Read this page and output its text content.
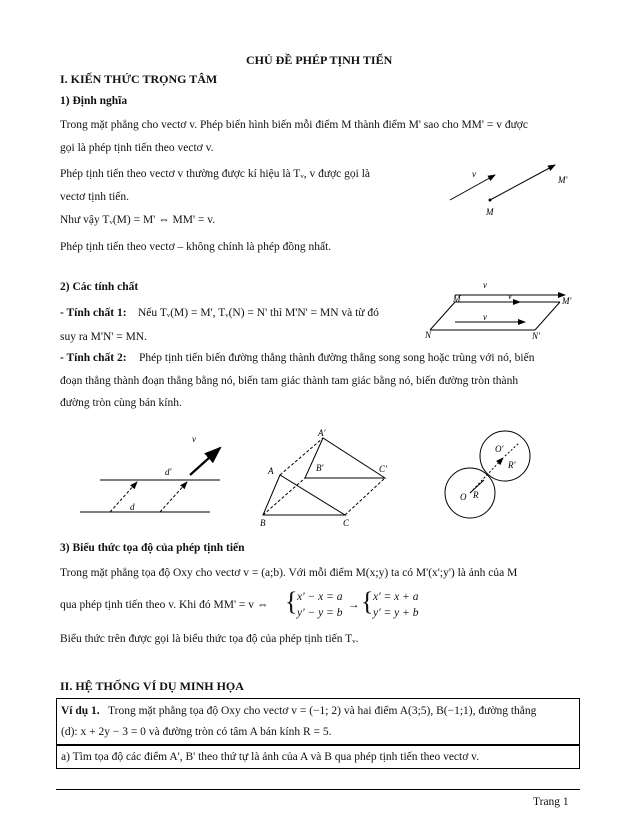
CHỦ ĐỀ PHÉP TỊNH TIẾN
I. KIẾN THỨC TRỌNG TÂM
1) Định nghĩa
Trong mặt phẳng cho vectơ v. Phép biến hình biến mỗi điểm M thành điểm M' sao cho MM' = v được
gọi là phép tịnh tiến theo vectơ v.
Phép tịnh tiến theo vectơ v thường được kí hiệu là Tᵥ, v được gọi là
vectơ tịnh tiến.
Như vậy Tᵥ(M) = M' ⇔ MM' = v.
Phép tịnh tiến theo vectơ – không chính là phép đồng nhất.
v
M
M'
2) Các tính chất
- Tính chất 1: Nếu Tᵥ(M) = M', Tᵥ(N) = N' thì M'N' = MN và từ đó
suy ra M'N' = MN.
v
v
v
M	M'
N	N'
- Tính chất 2: Phép tịnh tiến biến đường thẳng thành đường thẳng song song hoặc trùng với nó, biến
đoạn thẳng thành đoạn thẳng bằng nó, biến tam giác thành tam giác bằng nó, biến đường tròn thành
đường tròn cùng bán kính.
v
d'
d
A
B	C
A'
B'	C'
O R
O'
R'
3) Biểu thức tọa độ của phép tịnh tiến
Trong mặt phẳng tọa độ Oxy cho vectơ v = (a;b). Với mỗi điểm M(x;y) ta có M'(x';y') là ảnh của M
qua phép tịnh tiến theo v. Khi đó MM' = v ⇔ { x' − x = a
y' − y = b
→ { x' = x + a
y' = y + b
Biểu thức trên được gọi là biểu thức tọa độ của phép tịnh tiến Tᵥ.
II. HỆ THỐNG VÍ DỤ MINH HỌA
Ví dụ 1. Trong mặt phẳng tọa độ Oxy cho vectơ v = (−1; 2) và hai điểm A(3;5), B(−1;1), đường thẳng
(d): x + 2y − 3 = 0 và đường tròn có tâm A bán kính R = 5.
a) Tìm tọa độ các điểm A', B' theo thứ tự là ảnh của A và B qua phép tịnh tiến theo vectơ v.
Trang 1
